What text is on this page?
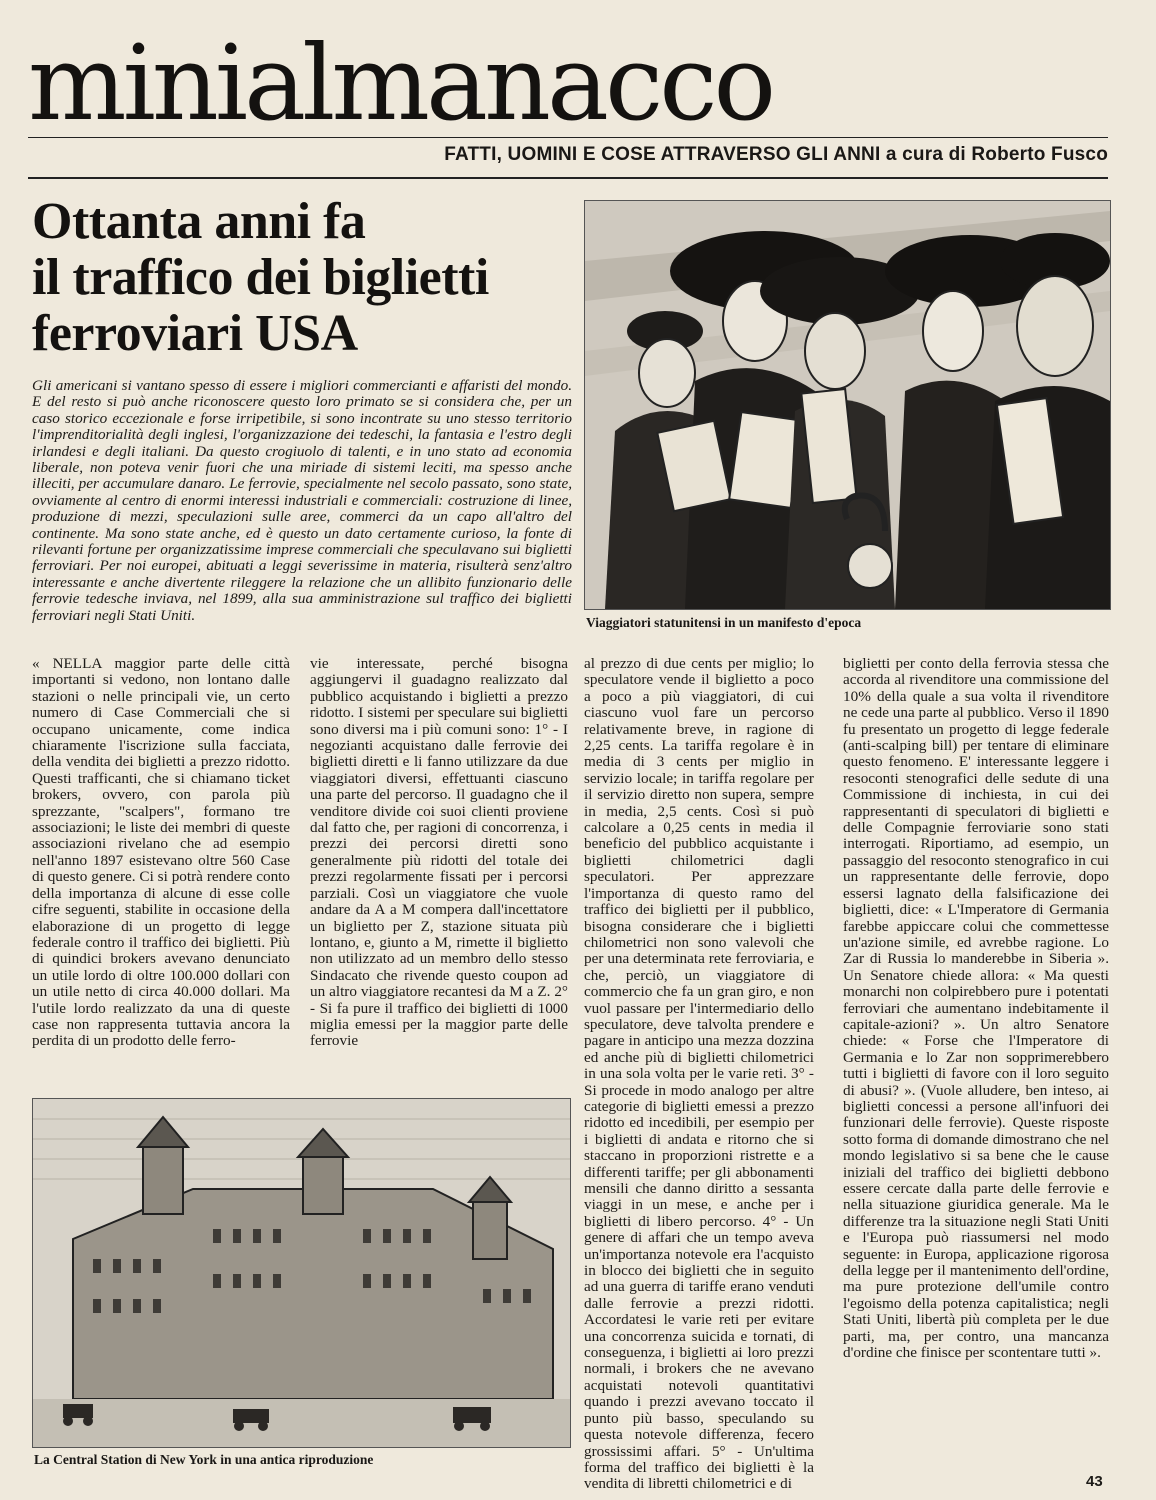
minialmanacco
FATTI, UOMINI E COSE ATTRAVERSO GLI ANNI a cura di Roberto Fusco
Ottanta anni fa
il traffico dei biglietti
ferroviari USA
Gli americani si vantano spesso di essere i migliori commercianti e affaristi del mondo. E del resto si può anche riconoscere questo loro primato se si considera che, per un caso storico eccezionale e forse irripetibile, si sono incontrate su uno stesso territorio l'imprenditorialità degli inglesi, l'organizzazione dei tedeschi, la fantasia e l'estro degli irlandesi e degli italiani. Da questo crogiuolo di talenti, e in uno stato ad economia liberale, non poteva venir fuori che una miriade di sistemi leciti, ma spesso anche illeciti, per accumulare danaro. Le ferrovie, specialmente nel secolo passato, sono state, ovviamente al centro di enormi interessi industriali e commerciali: costruzione di linee, produzione di mezzi, speculazioni sulle aree, commerci da un capo all'altro del continente. Ma sono state anche, ed è questo un dato certamente curioso, la fonte di rilevanti fortune per organizzatissime imprese commerciali che speculavano sui biglietti ferroviari. Per noi europei, abituati a leggi severissime in materia, risulterà senz'altro interessante e anche divertente rileggere la relazione che un allibito funzionario delle ferrovie tedesche inviava, nel 1899, alla sua amministrazione sul traffico dei biglietti ferroviari negli Stati Uniti.	Viaggiatori statunitensi in un manifesto d'epoca

« NELLA maggior parte delle città importanti si vedono, non lontano dalle stazioni o nelle principali vie, un certo numero di Case Commerciali che si occupano unicamente, come indica chiaramente l'iscrizione sulla facciata, della vendita dei biglietti a prezzo ridotto. Questi trafficanti, che si chiamano ticket brokers, ovvero, con parola più sprezzante, "scalpers", formano tre associazioni; le liste dei membri di queste associazioni rivelano che ad esempio nell'anno 1897 esistevano oltre 560 Case di questo genere. Ci si potrà rendere conto della importanza di alcune di esse colle cifre seguenti, stabilite in occasione della elaborazione di un progetto di legge federale contro il traffico dei biglietti. Più di quindici brokers avevano denunciato un utile lordo di oltre 100.000 dollari con un utile netto di circa 40.000 dollari. Ma l'utile lordo realizzato da una di queste case non rappresenta tuttavia ancora la perdita di un prodotto delle ferro-

vie interessate, perché bisogna aggiungervi il guadagno realizzato dal pubblico acquistando i biglietti a prezzo ridotto. I sistemi per speculare sui biglietti sono diversi ma i più comuni sono: 1° - I negozianti acquistano dalle ferrovie dei biglietti diretti e li fanno utilizzare da due viaggiatori diversi, effettuanti ciascuno una parte del percorso. Il guadagno che il venditore divide coi suoi clienti proviene dal fatto che, per ragioni di concorrenza, i prezzi dei percorsi diretti sono generalmente più ridotti del totale dei prezzi regolarmente fissati per i percorsi parziali. Così un viaggiatore che vuole andare da A a M compera dall'incettatore un biglietto per Z, stazione situata più lontano, e, giunto a M, rimette il biglietto non utilizzato ad un membro dello stesso Sindacato che rivende questo coupon ad un altro viaggiatore recantesi da M a Z. 2° - Si fa pure il traffico dei biglietti di 1000 miglia emessi per la maggior parte delle ferrovie

al prezzo di due cents per miglio; lo speculatore vende il biglietto a poco a poco a più viaggiatori, di cui ciascuno vuol fare un percorso relativamente breve, in ragione di 2,25 cents. La tariffa regolare è in media di 3 cents per miglio in servizio locale; in tariffa regolare per il servizio diretto non supera, sempre in media, 2,5 cents. Così si può calcolare a 0,25 cents in media il beneficio del pubblico acquistante i biglietti chilometrici dagli speculatori. Per apprezzare l'importanza di questo ramo del traffico dei biglietti per il pubblico, bisogna considerare che i biglietti chilometrici non sono valevoli che per una determinata rete ferroviaria, e che, perciò, un viaggiatore di commercio che fa un gran giro, e non vuol passare per l'intermediario dello speculatore, deve talvolta prendere e pagare in anticipo una mezza dozzina ed anche più di biglietti chilometrici in una sola volta per le varie reti. 3° - Si procede in modo analogo per altre categorie di biglietti emessi a prezzo ridotto ed incedibili, per esempio per i biglietti di andata e ritorno che si staccano in proporzioni ristrette e a differenti tariffe; per gli abbonamenti mensili che danno diritto a sessanta viaggi in un mese, e anche per i biglietti di libero percorso. 4° - Un genere di affari che un tempo aveva un'importanza notevole era l'acquisto in blocco dei biglietti che in seguito ad una guerra di tariffe erano venduti dalle ferrovie a prezzi ridotti. Accordatesi le varie reti per evitare una concorrenza suicida e tornati, di conseguenza, i biglietti ai loro prezzi normali, i brokers che ne avevano acquistati notevoli quantitativi quando i prezzi avevano toccato il punto più basso, speculando su questa notevole differenza, fecero grossissimi affari. 5° - Un'ultima forma del traffico dei biglietti è la vendita di libretti chilometrici e di

biglietti per conto della ferrovia stessa che accorda al rivenditore una commissione del 10% della quale a sua volta il rivenditore ne cede una parte al pubblico. Verso il 1890 fu presentato un progetto di legge federale (anti-scalping bill) per tentare di eliminare questo fenomeno. E' interessante leggere i resoconti stenografici delle sedute di una Commissione di inchiesta, in cui dei rappresentanti di speculatori di biglietti e delle Compagnie ferroviarie sono stati interrogati. Riportiamo, ad esempio, un passaggio del resoconto stenografico in cui un rappresentante delle ferrovie, dopo essersi lagnato della falsificazione dei biglietti, dice: « L'Imperatore di Germania farebbe appiccare colui che commettesse un'azione simile, ed avrebbe ragione. Lo Zar di Russia lo manderebbe in Siberia ». Un Senatore chiede allora: « Ma questi monarchi non colpirebbero pure i potentati ferroviari che aumentano indebitamente il capitale-azioni? ». Un altro Senatore chiede: « Forse che l'Imperatore di Germania e lo Zar non sopprimerebbero tutti i biglietti di favore con il loro seguito di abusi? ». (Vuole alludere, ben inteso, ai biglietti concessi a persone all'infuori dei funzionari delle ferrovie). Queste risposte sotto forma di domande dimostrano che nel mondo legislativo si sa bene che le cause iniziali del traffico dei biglietti debbono essere cercate dalla parte delle ferrovie e nella situazione giuridica generale. Ma le differenze tra la situazione negli Stati Uniti e l'Europa può riassumersi nel modo seguente: in Europa, applicazione rigorosa della legge per il mantenimento dell'ordine, ma pure protezione dell'umile contro l'egoismo della potenza capitalistica; negli Stati Uniti, libertà più completa per le due parti, ma, per contro, una mancanza d'ordine che finisce per scontentare tutti ».

La Central Station di New York in una antica riproduzione
43
